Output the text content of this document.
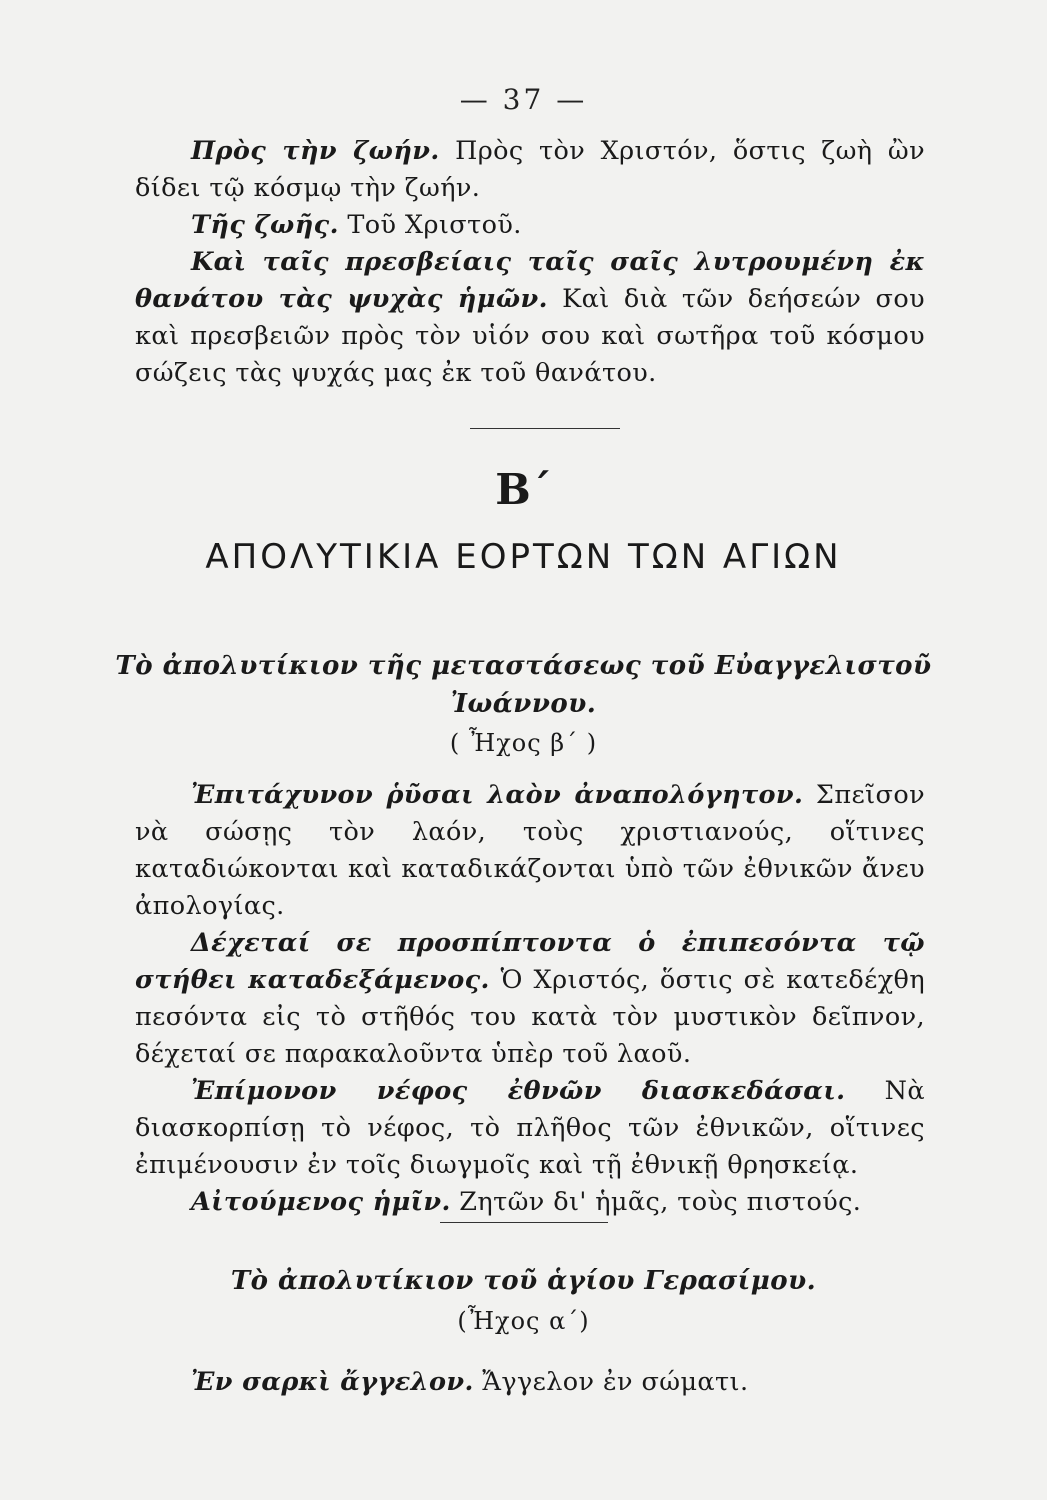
— 37 —

Πρὸς τὴν ζωήν. Πρὸς τὸν Χριστόν, ὅστις ζωὴ ὢν δίδει τῷ κόσμῳ τὴν ζωήν.

Τῆς ζωῆς. Τοῦ Χριστοῦ.

Καὶ ταῖς πρεσβείαις ταῖς σαῖς λυτρουμένη ἐκ θανάτου τὰς ψυχὰς ἡμῶν. Καὶ διὰ τῶν δεήσεών σου καὶ πρεσβειῶν πρὸς τὸν υἱόν σου καὶ σωτῆρα τοῦ κόσμου σώζεις τὰς ψυχάς μας ἐκ τοῦ θανάτου.

Β΄
ΑΠΟΛΥΤΙΚΙΑ ΕΟΡΤΩΝ ΤΩΝ ΑΓΙΩΝ
Τὸ ἀπολυτίκιον τῆς μεταστάσεως τοῦ Εὐαγγελιστοῦ
Ἰωάννου.
( Ἦχος β΄ )

Ἐπιτάχυνον ῥῦσαι λαὸν ἀναπολόγητον. Σπεῖσον νὰ σώσῃς τὸν λαόν, τοὺς χριστιανούς, οἵτινες καταδιώκονται καὶ καταδικάζονται ὑπὸ τῶν ἐθνικῶν ἄνευ ἀπολογίας.

Δέχεταί σε προσπίπτοντα ὁ ἐπιπεσόντα τῷ στήθει καταδεξάμενος. Ὁ Χριστός, ὅστις σὲ κατεδέχθη πεσόντα εἰς τὸ στῆθός του κατὰ τὸν μυστικὸν δεῖπνον, δέχεταί σε παρακαλοῦντα ὑπὲρ τοῦ λαοῦ.

Ἐπίμονον νέφος ἐθνῶν διασκεδάσαι. Νὰ διασκορπίσῃ τὸ νέφος, τὸ πλῆθος τῶν ἐθνικῶν, οἵτινες ἐπιμένουσιν ἐν τοῖς διωγμοῖς καὶ τῇ ἐθνικῇ θρησκείᾳ.

Αἰτούμενος ἡμῖν. Ζητῶν δι' ἡμᾶς, τοὺς πιστούς.

Τὸ ἀπολυτίκιον τοῦ ἁγίου Γερασίμου.
(Ἦχος α΄)

Ἐν σαρκὶ ἄγγελον. Ἄγγελον ἐν σώματι.
